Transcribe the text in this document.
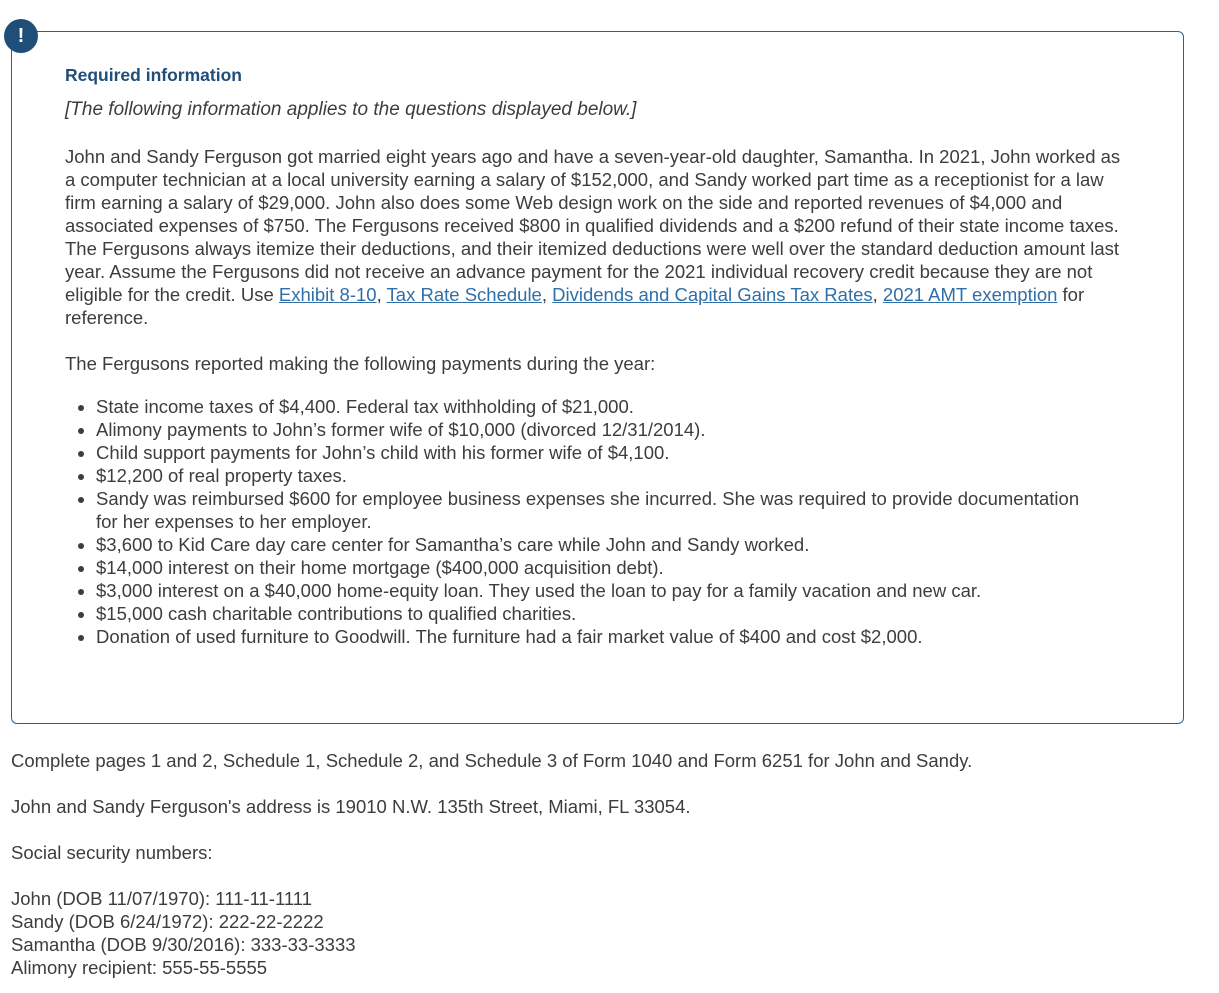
!
Required information

[The following information applies to the questions displayed below.]

John and Sandy Ferguson got married eight years ago and have a seven-year-old daughter, Samantha. In 2021, John worked as a computer technician at a local university earning a salary of $152,000, and Sandy worked part time as a receptionist for a law firm earning a salary of $29,000. John also does some Web design work on the side and reported revenues of $4,000 and associated expenses of $750. The Fergusons received $800 in qualified dividends and a $200 refund of their state income taxes. The Fergusons always itemize their deductions, and their itemized deductions were well over the standard deduction amount last year. Assume the Fergusons did not receive an advance payment for the 2021 individual recovery credit because they are not eligible for the credit. Use Exhibit 8-10, Tax Rate Schedule, Dividends and Capital Gains Tax Rates, 2021 AMT exemption for reference.

The Fergusons reported making the following payments during the year:

• State income taxes of $4,400. Federal tax withholding of $21,000.
• Alimony payments to John’s former wife of $10,000 (divorced 12/31/2014).
• Child support payments for John’s child with his former wife of $4,100.
• $12,200 of real property taxes.
• Sandy was reimbursed $600 for employee business expenses she incurred. She was required to provide documentation for her expenses to her employer.
• $3,600 to Kid Care day care center for Samantha’s care while John and Sandy worked.
• $14,000 interest on their home mortgage ($400,000 acquisition debt).
• $3,000 interest on a $40,000 home-equity loan. They used the loan to pay for a family vacation and new car.
• $15,000 cash charitable contributions to qualified charities.
• Donation of used furniture to Goodwill. The furniture had a fair market value of $400 and cost $2,000.

Complete pages 1 and 2, Schedule 1, Schedule 2, and Schedule 3 of Form 1040 and Form 6251 for John and Sandy.

John and Sandy Ferguson's address is 19010 N.W. 135th Street, Miami, FL 33054.

Social security numbers:

John (DOB 11/07/1970): 111-11-1111
Sandy (DOB 6/24/1972): 222-22-2222
Samantha (DOB 9/30/2016): 333-33-3333
Alimony recipient: 555-55-5555
